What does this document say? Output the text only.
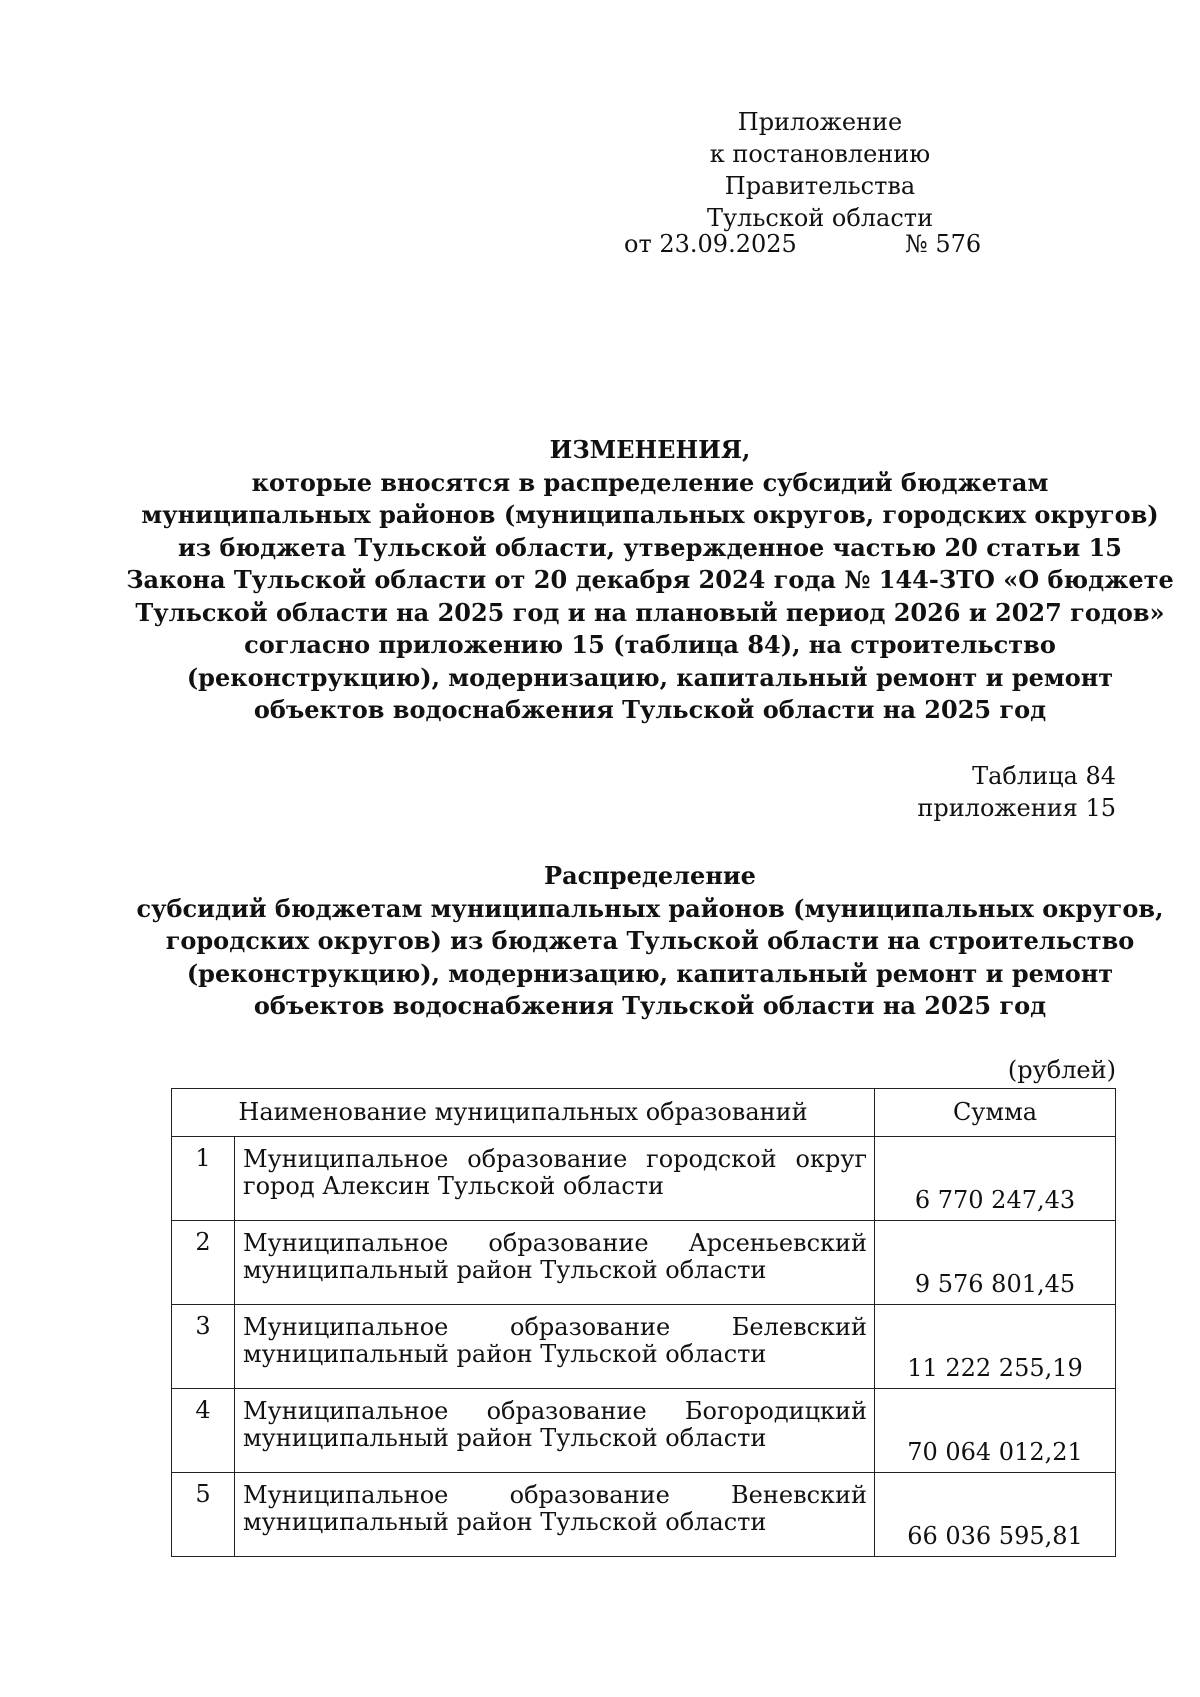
Приложение
к постановлению Правительства
Тульской области
от 23.09.2025	№ 576
ИЗМЕНЕНИЯ,
которые вносятся в распределение субсидий бюджетам
муниципальных районов (муниципальных округов, городских округов)
из бюджета Тульской области, утвержденное частью 20 статьи 15
Закона Тульской области от 20 декабря 2024 года № 144-ЗТО «О бюджете
Тульской области на 2025 год и на плановый период 2026 и 2027 годов»
согласно приложению 15 (таблица 84), на строительство
(реконструкцию), модернизацию, капитальный ремонт и ремонт
объектов водоснабжения Тульской области на 2025 год
Таблица 84
приложения 15
Распределение
субсидий бюджетам муниципальных районов (муниципальных округов,
городских округов) из бюджета Тульской области на строительство
(реконструкцию), модернизацию, капитальный ремонт и ремонт
объектов водоснабжения Тульской области на 2025 год
(рублей)
Наименование муниципальных образований		Сумма
1	Муниципальное образование городской округ город Алексин Тульской области	6 770 247,43
2	Муниципальное образование Арсеньевский муниципальный район Тульской области	9 576 801,45
3	Муниципальное образование Белевский муниципальный район Тульской области	11 222 255,19
4	Муниципальное образование Богородицкий муниципальный район Тульской области	70 064 012,21
5	Муниципальное образование Веневский муниципальный район Тульской области	66 036 595,81
